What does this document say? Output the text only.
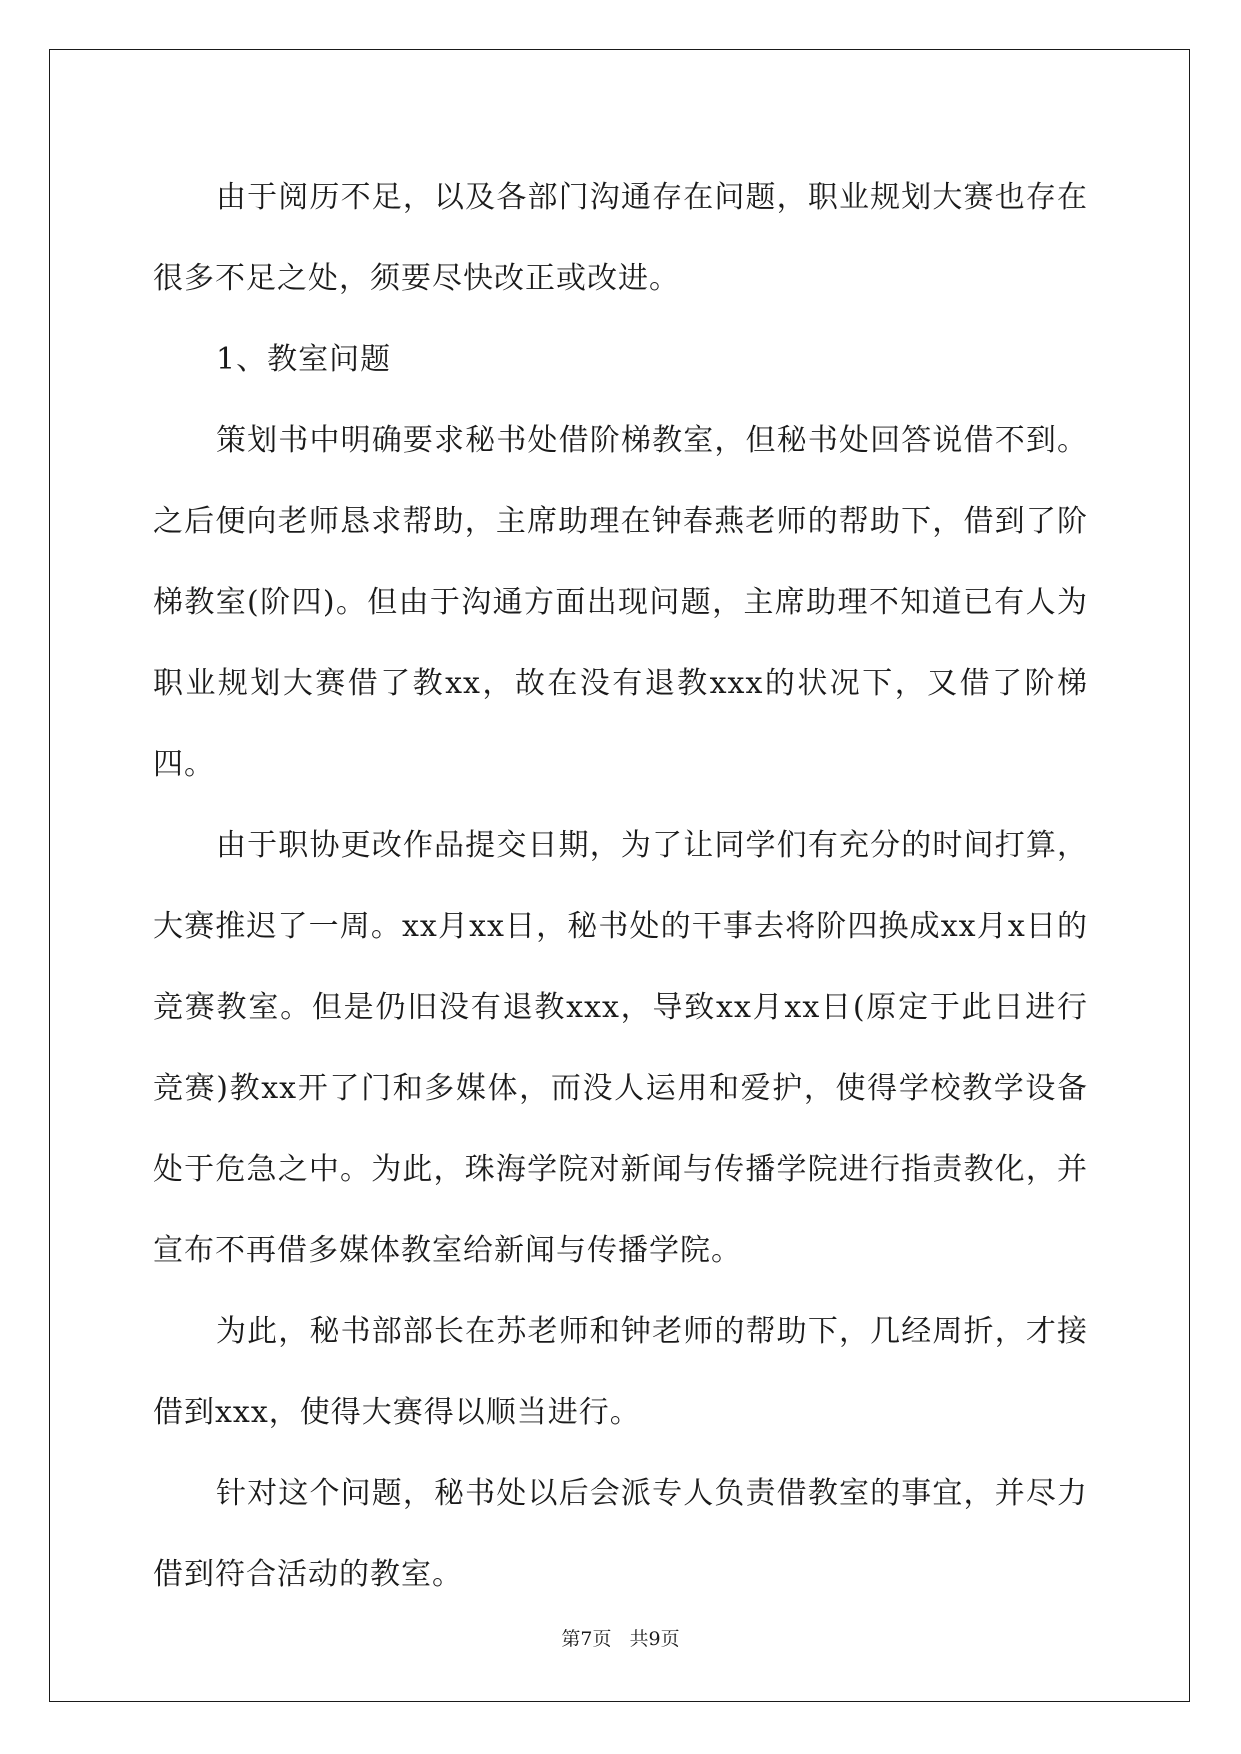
由于阅历不足，以及各部门沟通存在问题，职业规划大赛也存在很多不足之处，须要尽快改正或改进。

1、教室问题

策划书中明确要求秘书处借阶梯教室，但秘书处回答说借不到。之后便向老师恳求帮助，主席助理在钟春燕老师的帮助下，借到了阶梯教室(阶四)。但由于沟通方面出现问题，主席助理不知道已有人为职业规划大赛借了教xx，故在没有退教xxx的状况下，又借了阶梯四。

由于职协更改作品提交日期，为了让同学们有充分的时间打算，大赛推迟了一周。xx月xx日，秘书处的干事去将阶四换成xx月x日的竞赛教室。但是仍旧没有退教xxx，导致xx月xx日(原定于此日进行竞赛)教xx开了门和多媒体，而没人运用和爱护，使得学校教学设备处于危急之中。为此，珠海学院对新闻与传播学院进行指责教化，并宣布不再借多媒体教室给新闻与传播学院。

为此，秘书部部长在苏老师和钟老师的帮助下，几经周折，才接借到xxx，使得大赛得以顺当进行。

针对这个问题，秘书处以后会派专人负责借教室的事宜，并尽力借到符合活动的教室。

第7页 共9页
